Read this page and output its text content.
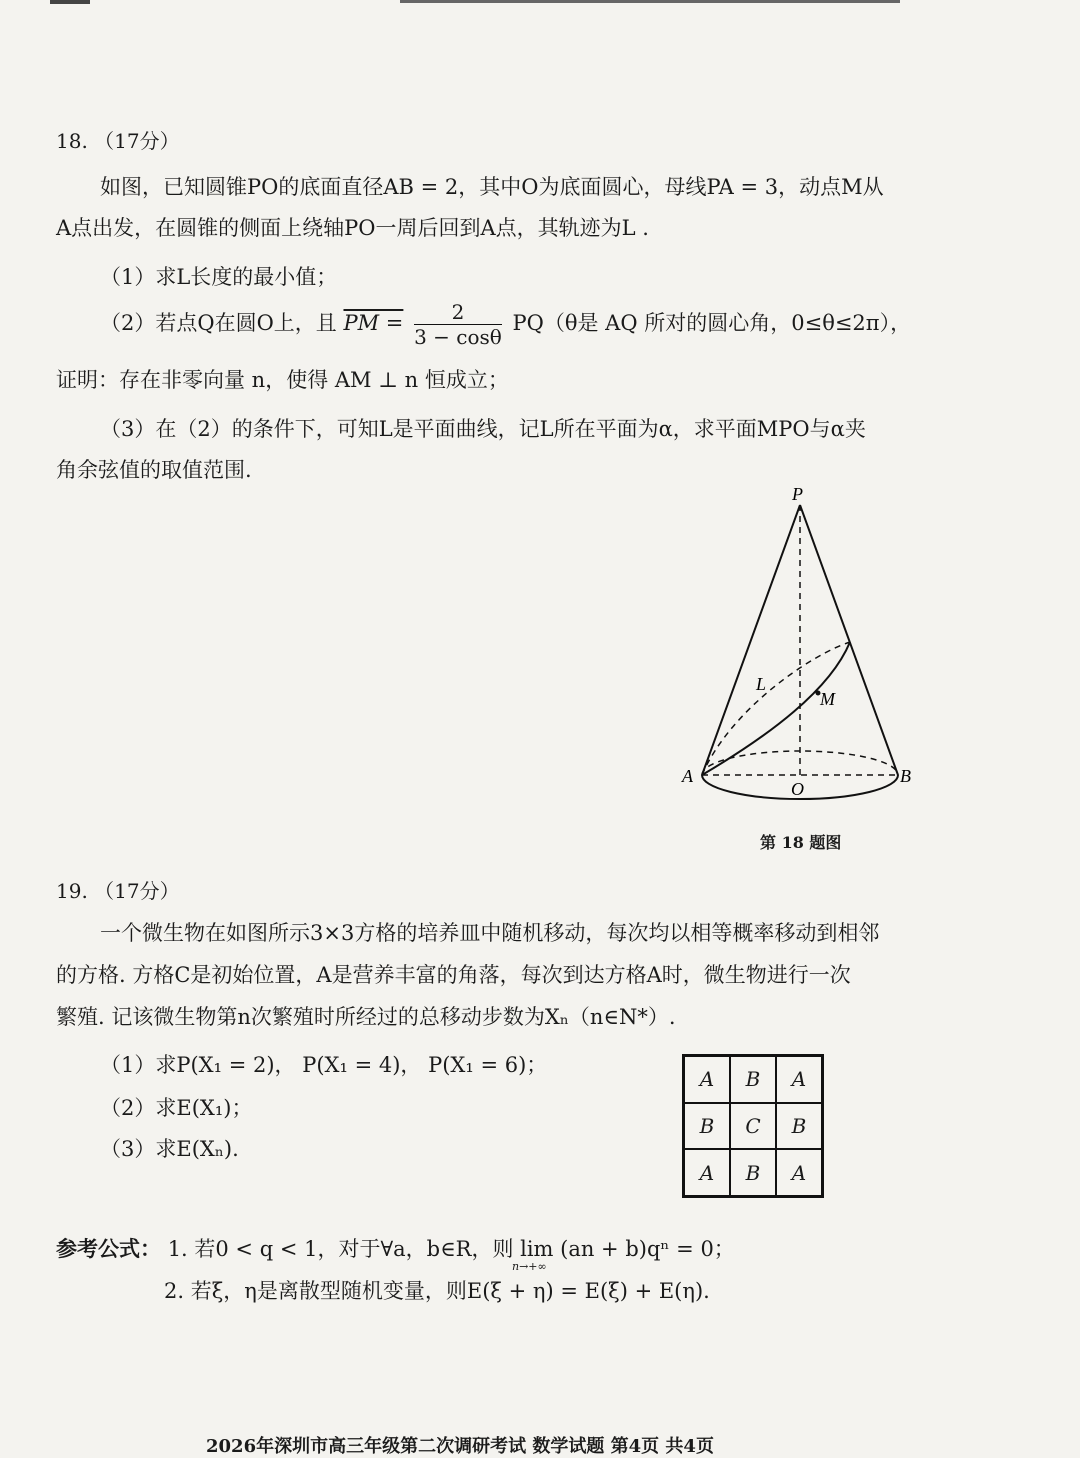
18. （17分）
如图，已知圆锥PO的底面直径AB = 2，其中O为底面圆心，母线PA = 3，动点M从
A点出发，在圆锥的侧面上绕轴PO一周后回到A点，其轨迹为L .
（1）求L长度的最小值；
（2）若点Q在圆O上，且 PM = $\frac{2}{3 - \cos\theta} PQ(\theta$是 AQ 所对的圆心角，0≤θ≤2π），
证明：存在非零向量 n，使得 AM ⊥ n 恒成立；
（3）在（2）的条件下，可知L是平面曲线，记L所在平面为α，求平面MPO与α夹
角余弦值的取值范围.
P
L
M
A
O
B
第 18 题图
19. （17分）
一个微生物在如图所示3×3方格的培养皿中随机移动，每次均以相等概率移动到相邻
的方格. 方格C是初始位置，A是营养丰富的角落，每次到达方格A时，微生物进行一次
繁殖. 记该微生物第n次繁殖时所经过的总移动步数为Xₙ（n∈N*）.
（1）求P(X₁ = 2)， P(X₁ = 4)， P(X₁ = 6)；
（2）求E(X₁)；
（3）求E(Xₙ).
A	B	A
B	C	B
A	B	A
参考公式： 1. 若0 < q < 1，对于∀a，b∈R，则 lim (an + b)qⁿ = 0；
n→+∞
2. 若ξ，η是离散型随机变量，则E(ξ + η) = E(ξ) + E(η).
2026年深圳市高三年级第二次调研考试 数学试题 第4页 共4页
